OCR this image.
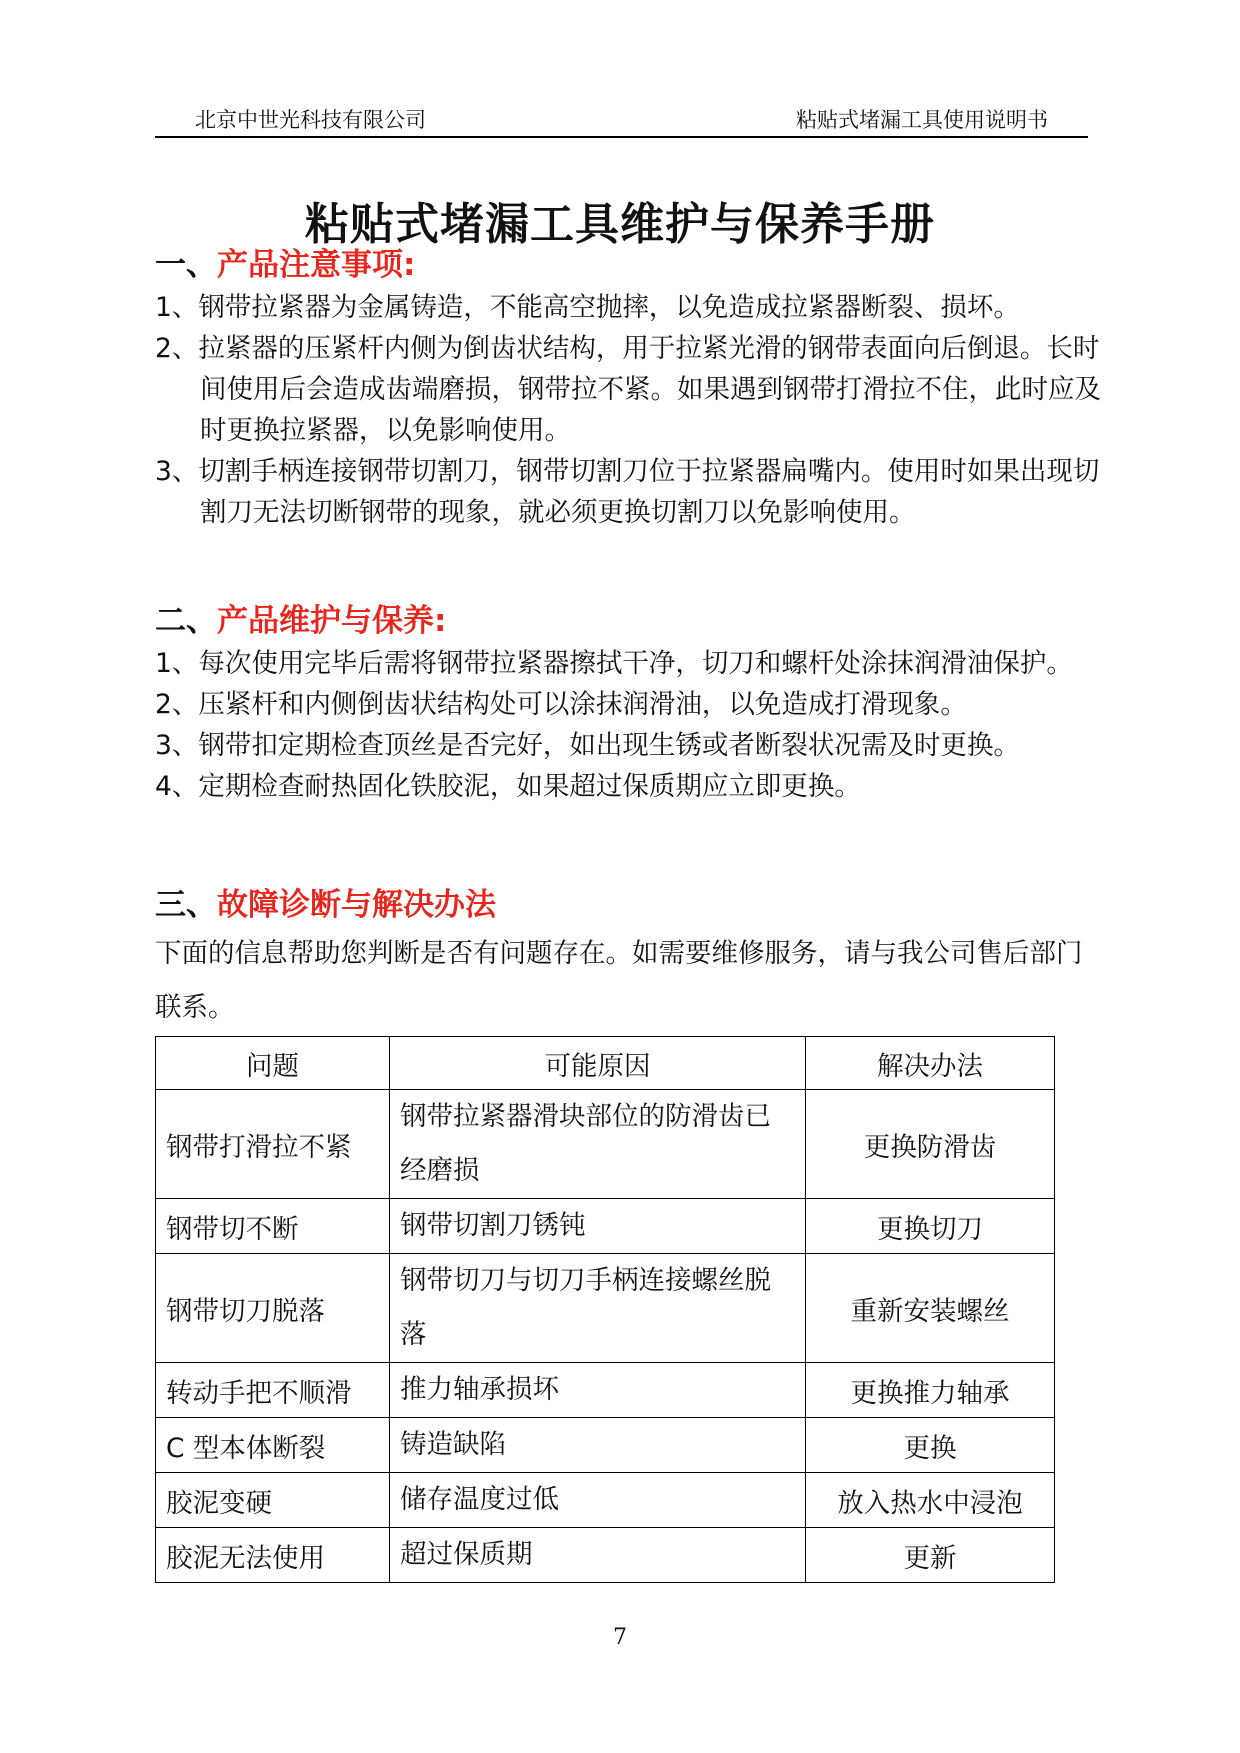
北京中世光科技有限公司	粘贴式堵漏工具使用说明书
粘贴式堵漏工具维护与保养手册
一、产品注意事项:
1、钢带拉紧器为金属铸造，不能高空抛摔，以免造成拉紧器断裂、损坏。
2、拉紧器的压紧杆内侧为倒齿状结构，用于拉紧光滑的钢带表面向后倒退。长时间使用后会造成齿端磨损，钢带拉不紧。如果遇到钢带打滑拉不住，此时应及时更换拉紧器，以免影响使用。
3、切割手柄连接钢带切割刀，钢带切割刀位于拉紧器扁嘴内。使用时如果出现切割刀无法切断钢带的现象，就必须更换切割刀以免影响使用。
二、产品维护与保养:
1、每次使用完毕后需将钢带拉紧器擦拭干净，切刀和螺杆处涂抹润滑油保护。
2、压紧杆和内侧倒齿状结构处可以涂抹润滑油，以免造成打滑现象。
3、钢带扣定期检查顶丝是否完好，如出现生锈或者断裂状况需及时更换。
4、定期检查耐热固化铁胶泥，如果超过保质期应立即更换。
三、故障诊断与解决办法
下面的信息帮助您判断是否有问题存在。如需要维修服务，请与我公司售后部门联系。
问题	可能原因	解决办法
钢带打滑拉不紧	钢带拉紧器滑块部位的防滑齿已经磨损	更换防滑齿
钢带切不断	钢带切割刀锈钝	更换切刀
钢带切刀脱落	钢带切刀与切刀手柄连接螺丝脱落	重新安装螺丝
转动手把不顺滑	推力轴承损坏	更换推力轴承
C 型本体断裂	铸造缺陷	更换
胶泥变硬	储存温度过低	放入热水中浸泡
胶泥无法使用	超过保质期	更新
7
